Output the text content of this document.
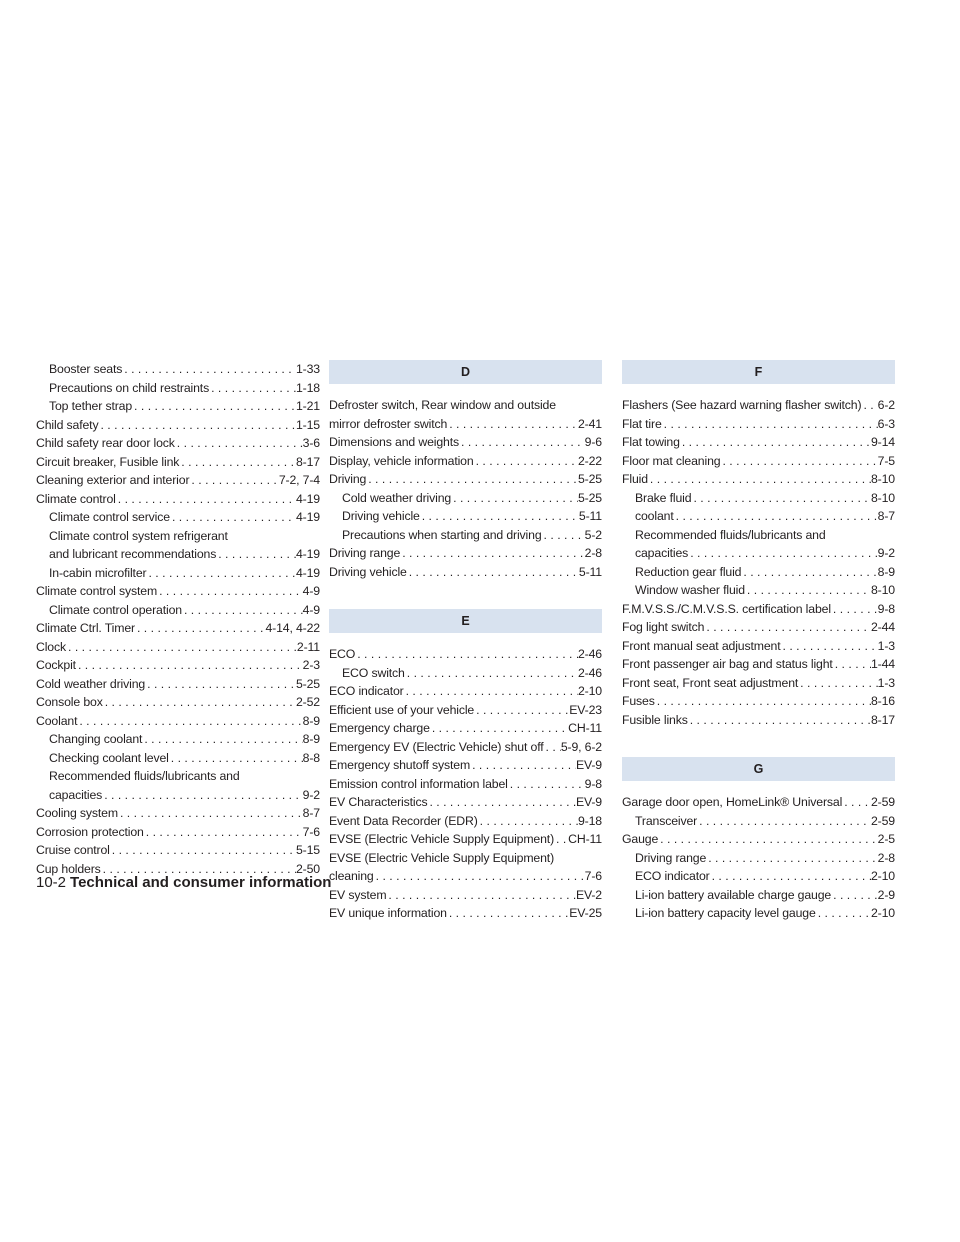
Booster seats . . .	1-33
Precautions on child restraints . . .	1-18
Top tether strap . . .	1-21
Child safety . . .	1-15
Child safety rear door lock . . .	3-6
Circuit breaker, Fusible link . . .	8-17
Cleaning exterior and interior . . .	7-2, 7-4
Climate control . . .	4-19
Climate control service . . .	4-19
Climate control system refrigerant
and lubricant recommendations . . .	4-19
In-cabin microfilter . . .	4-19
Climate control system . . .	4-9
Climate control operation . . .	4-9
Climate Ctrl. Timer . . .	4-14, 4-22
Clock . . .	2-11
Cockpit . . .	2-3
Cold weather driving . . .	5-25
Console box . . .	2-52
Coolant . . .	8-9
Changing coolant . . .	8-9
Checking coolant level . . .	8-8
Recommended fluids/lubricants and
capacities . . .	9-2
Cooling system . . .	8-7
Corrosion protection . . .	7-6
Cruise control . . .	5-15
Cup holders . . .	2-50
D
Defroster switch, Rear window and outside
mirror defroster switch . . .	2-41
Dimensions and weights . . .	9-6
Display, vehicle information . . .	2-22
Driving . . .	5-25
Cold weather driving . . .	5-25
Driving vehicle . . .	5-11
Precautions when starting and driving . . .	5-2
Driving range . . .	2-8
Driving vehicle . . .	5-11
E
ECO . . .	2-46
ECO switch . . .	2-46
ECO indicator . . .	2-10
Efficient use of your vehicle . . .	EV-23
Emergency charge . . .	CH-11
Emergency EV (Electric Vehicle) shut off . . . 5-9, 6-2
Emergency shutoff system . . .	EV-9
Emission control information label . . .	9-8
EV Characteristics . . .	EV-9
Event Data Recorder (EDR) . . .	9-18
EVSE (Electric Vehicle Supply Equipment) . . . CH-11
EVSE (Electric Vehicle Supply Equipment)
cleaning . . .	7-6
EV system . . .	EV-2
EV unique information . . .	EV-25
F
Flashers (See hazard warning flasher switch) . . . 6-2
Flat tire . . .	6-3
Flat towing . . .	9-14
Floor mat cleaning . . .	7-5
Fluid . . .	8-10
Brake fluid . . .	8-10
coolant . . .	8-7
Recommended fluids/lubricants and
capacities . . .	9-2
Reduction gear fluid . . .	8-9
Window washer fluid . . .	8-10
F.M.V.S.S./C.M.V.S.S. certification label . . .	9-8
Fog light switch . . .	2-44
Front manual seat adjustment . . .	1-3
Front passenger air bag and status light . . .	1-44
Front seat, Front seat adjustment . . .	1-3
Fuses . . .	8-16
Fusible links . . .	8-17
G
Garage door open, HomeLink® Universal . . . 2-59
Transceiver . . .	2-59
Gauge . . .	2-5
Driving range . . .	2-8
ECO indicator . . .	2-10
Li-ion battery available charge gauge . . .	2-9
Li-ion battery capacity level gauge . . .	2-10
10-2 Technical and consumer information
